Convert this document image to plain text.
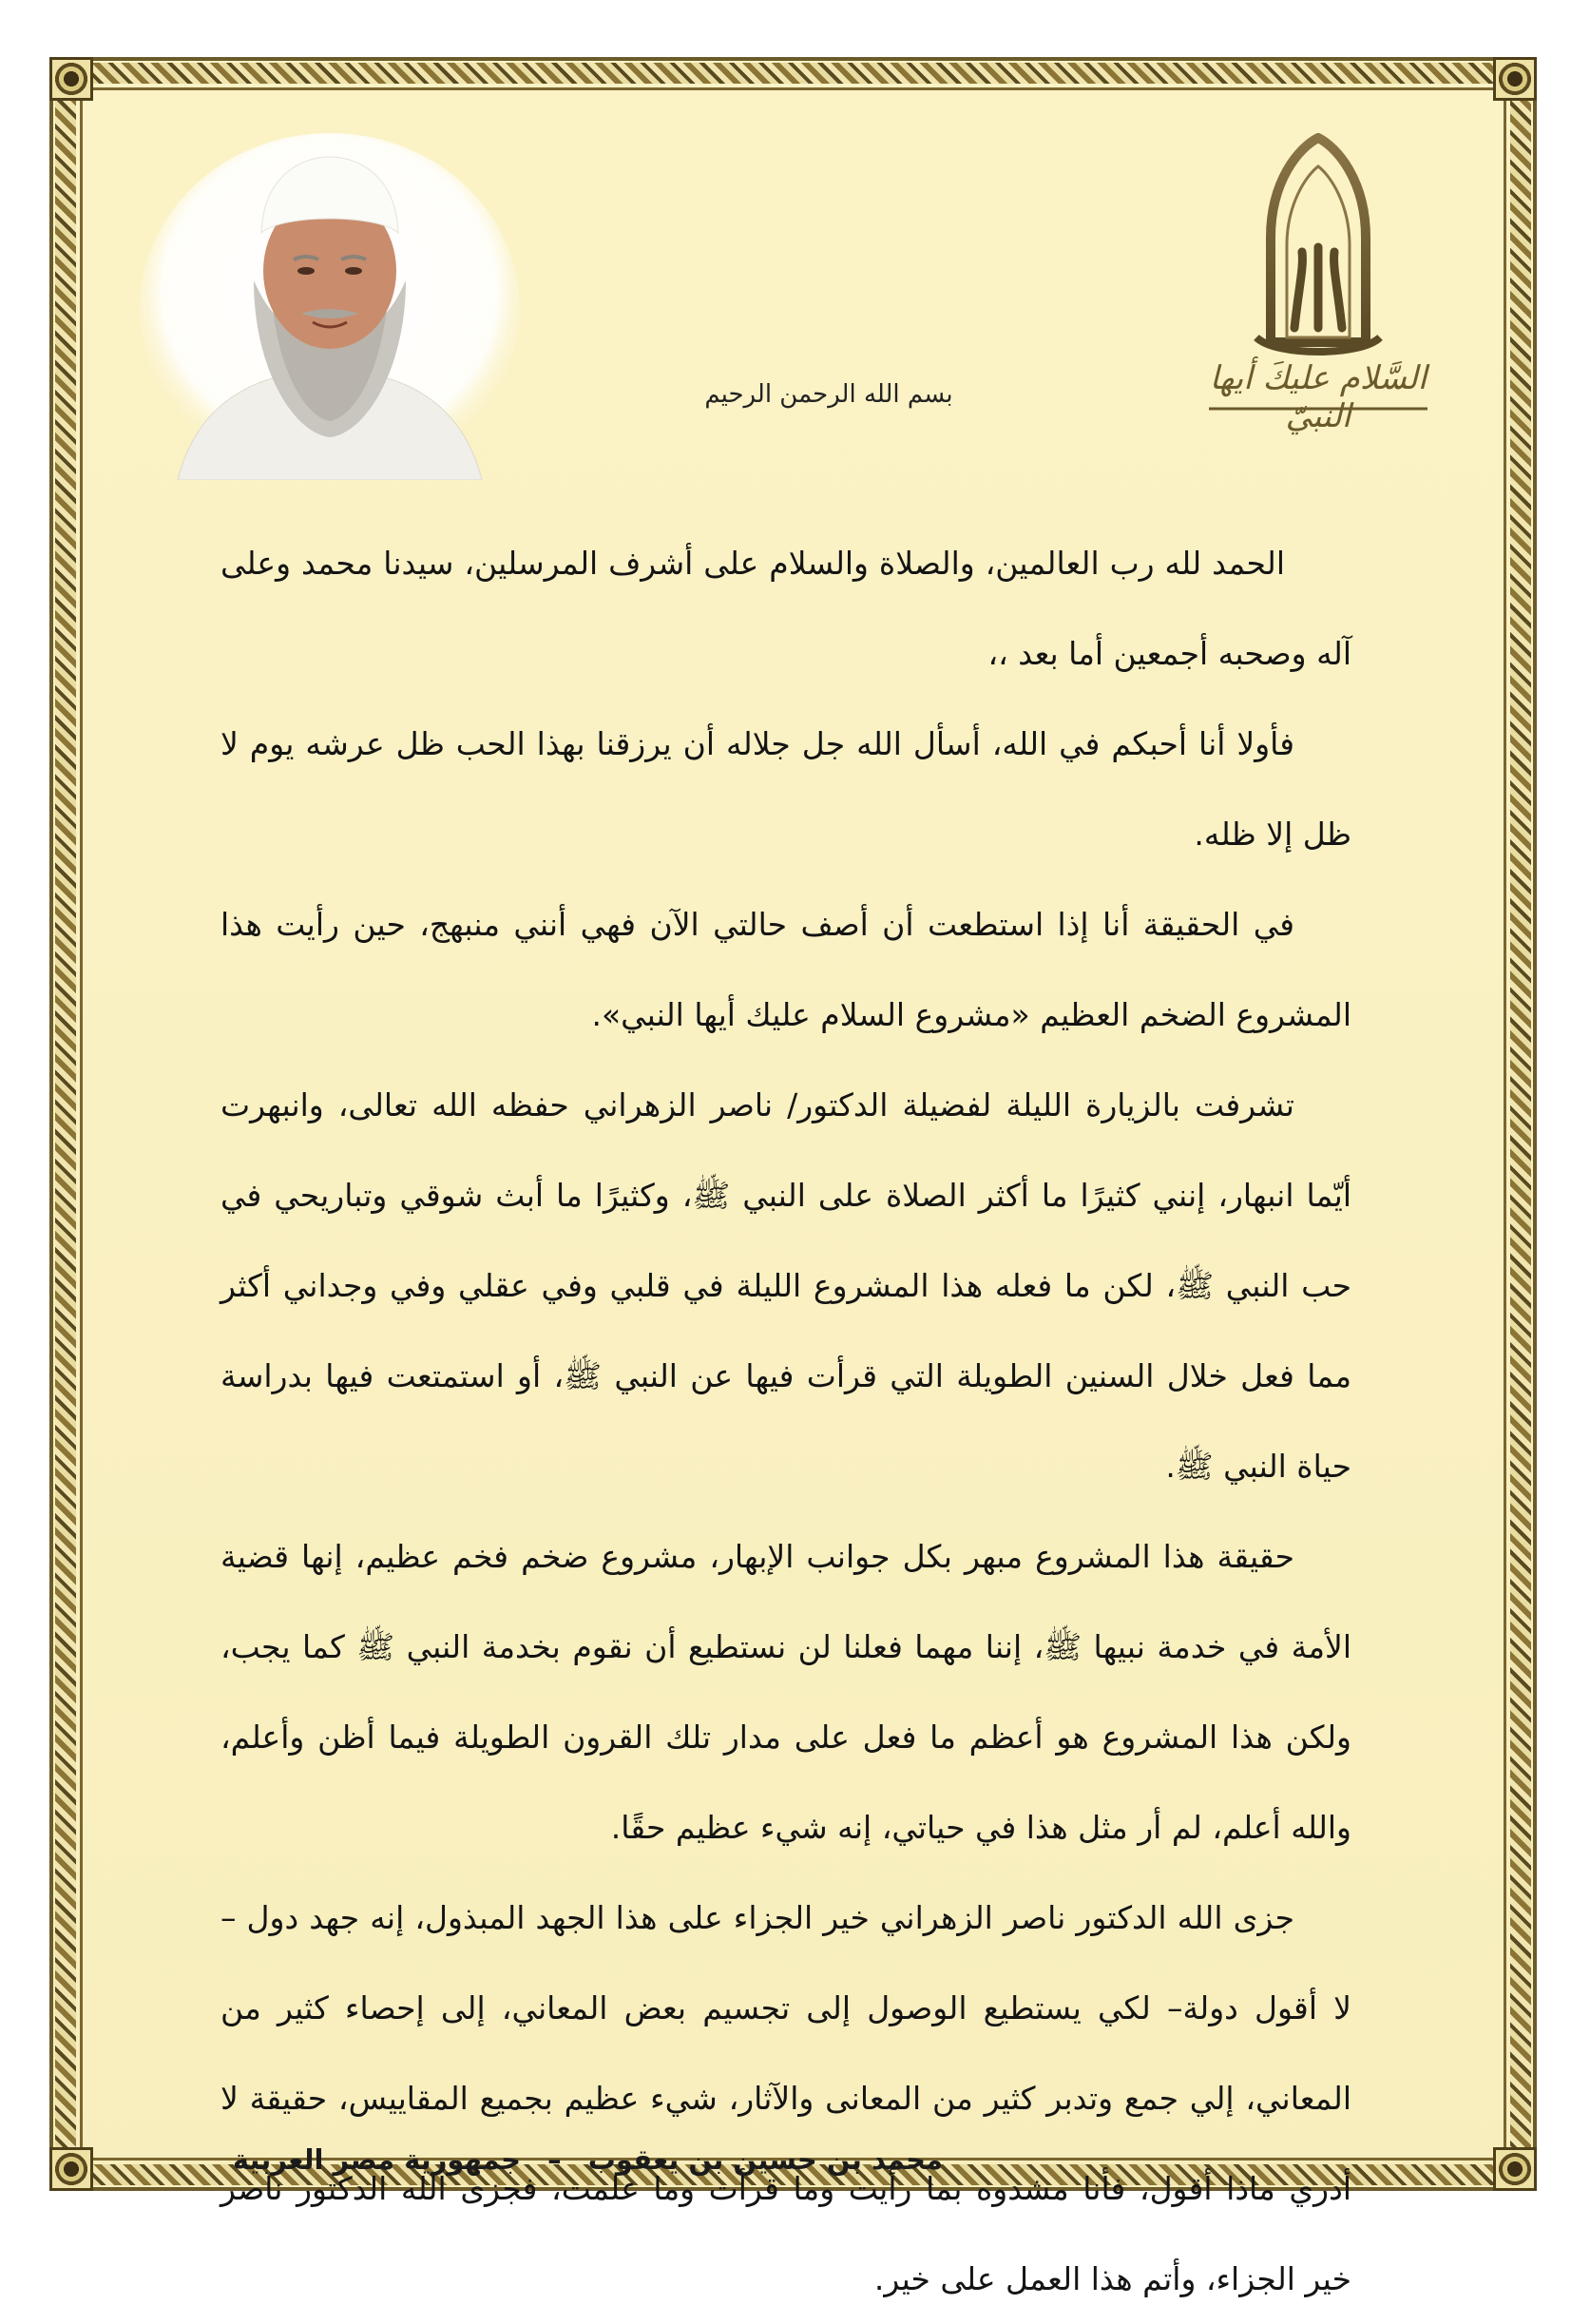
السَّلام عليكَ أيها النبيّ
بسم الله الرحمن الرحيم

الحمد لله رب العالمين، والصلاة والسلام على أشرف المرسلين، سيدنا محمد وعلى آله وصحبه أجمعين أما بعد ،،

فأولا أنا أحبكم في الله، أسأل الله جل جلاله أن يرزقنا بهذا الحب ظل عرشه يوم لا ظل إلا ظله.

في الحقيقة أنا إذا استطعت أن أصف حالتي الآن فهي أنني منبهج، حين رأيت هذا المشروع الضخم العظيم «مشروع السلام عليك أيها النبي».

تشرفت بالزيارة الليلة لفضيلة الدكتور/ ناصر الزهراني حفظه الله تعالى، وانبهرت أيّما انبهار، إنني كثيرًا ما أكثر الصلاة على النبي ﷺ، وكثيرًا ما أبث شوقي وتباريحي في حب النبي ﷺ، لكن ما فعله هذا المشروع الليلة في قلبي وفي عقلي وفي وجداني أكثر مما فعل خلال السنين الطويلة التي قرأت فيها عن النبي ﷺ، أو استمتعت فيها بدراسة حياة النبي ﷺ.

حقيقة هذا المشروع مبهر بكل جوانب الإبهار، مشروع ضخم فخم عظيم، إنها قضية الأمة في خدمة نبيها ﷺ، إننا مهما فعلنا لن نستطيع أن نقوم بخدمة النبي ﷺ كما يجب، ولكن هذا المشروع هو أعظم ما فعل على مدار تلك القرون الطويلة فيما أظن وأعلم، والله أعلم، لم أر مثل هذا في حياتي، إنه شيء عظيم حقًا.

جزى الله الدكتور ناصر الزهراني خير الجزاء على هذا الجهد المبذول، إنه جهد دول –لا أقول دولة– لكي يستطيع الوصول إلى تجسيم بعض المعاني، إلى إحصاء كثير من المعاني، إلي جمع وتدبر كثير من المعانى والآثار، شيء عظيم بجميع المقاييس، حقيقة لا أدري ماذا أقول، فأنا مشدوه بما رأيت وما قرأت وما علمت، فجزى الله الدكتور ناصر خير الجزاء، وأتم هذا العمل على خير.

محمد بن حسين بن يعقوب – جمهورية مصر العربية
